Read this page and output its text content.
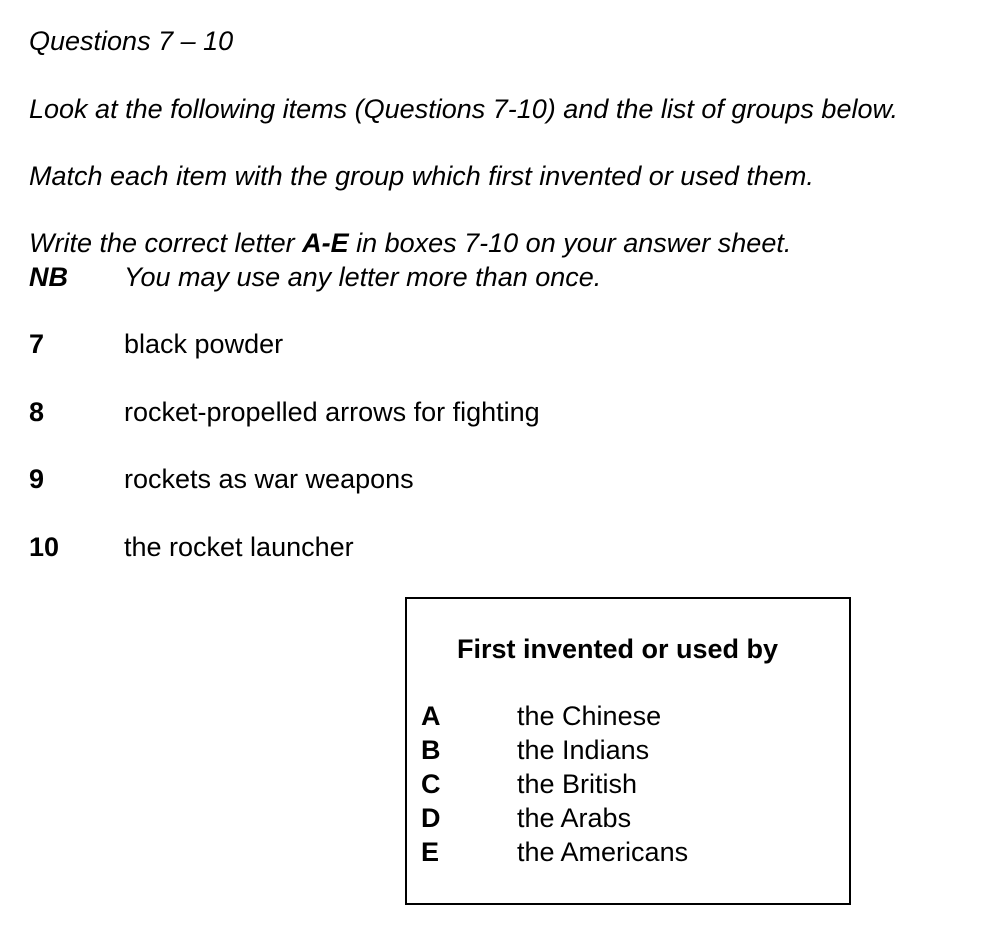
Questions 7 – 10
Look at the following items (Questions 7-10) and the list of groups below.
Match each item with the group which first invented or used them.
Write the correct letter A-E in boxes 7-10 on your answer sheet.
NB You may use any letter more than once.
7	black powder
8	rocket-propelled arrows for fighting
9	rockets as war weapons
10 the rocket launcher
First invented or used by
A	the Chinese
B	the Indians
C	the British
D	the Arabs
E	the Americans
